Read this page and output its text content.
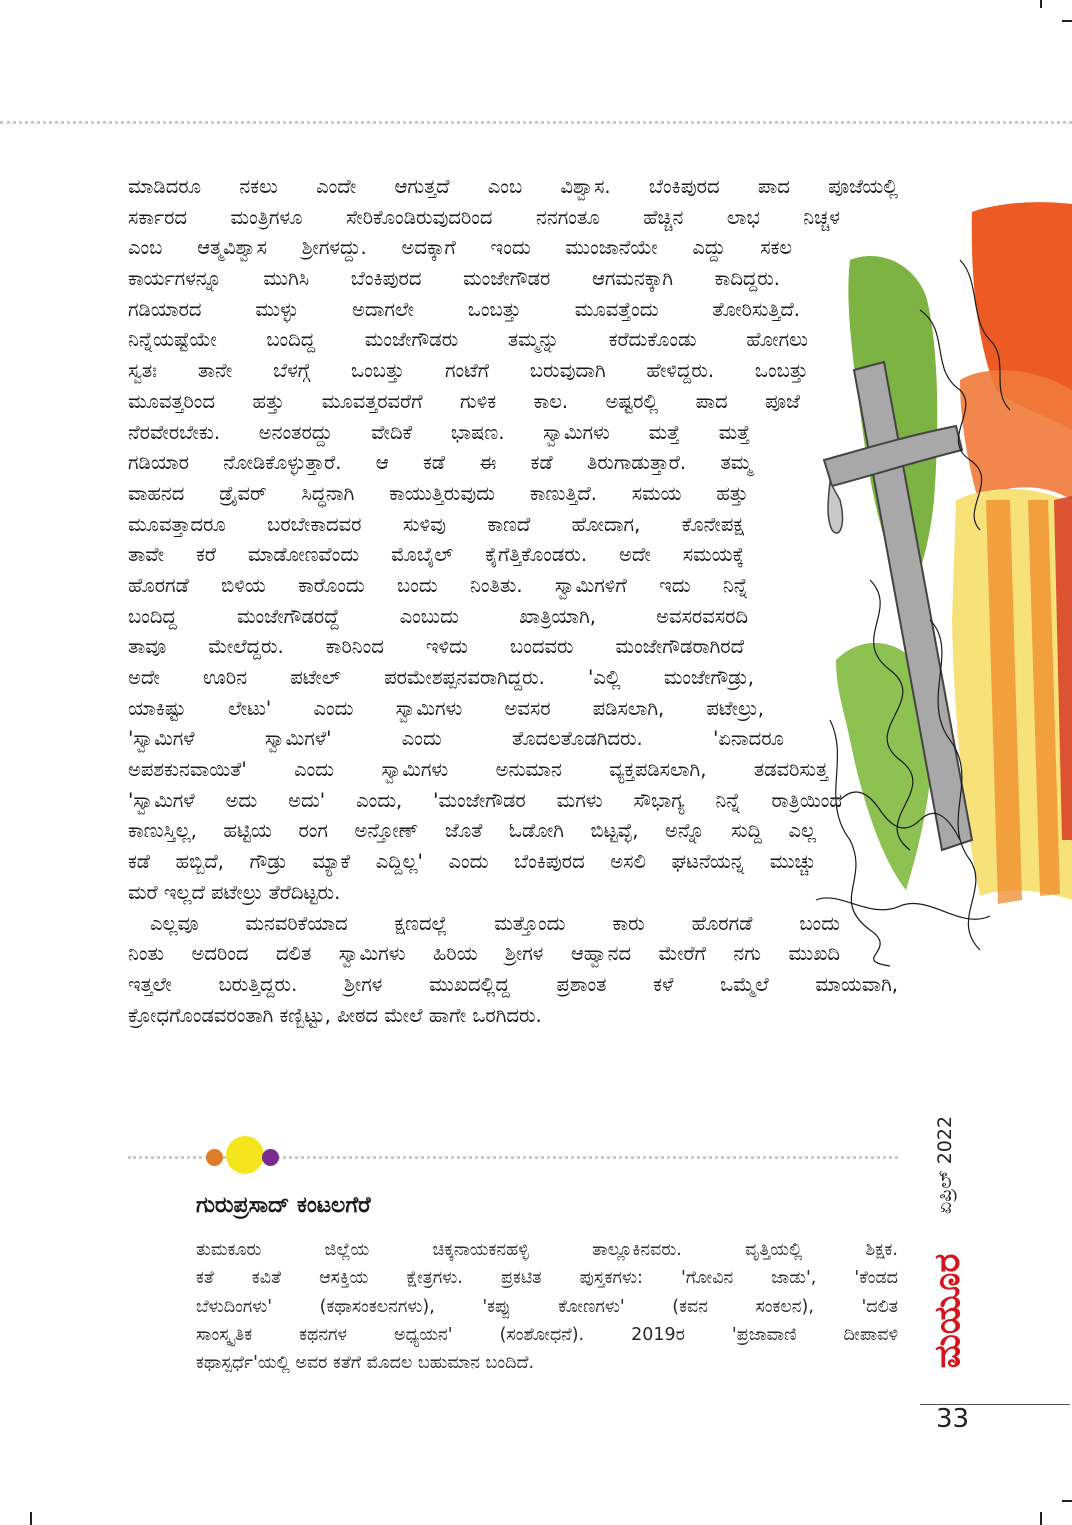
ಮಾಡಿದರೂ ನಕಲು ಎಂದೇ ಆಗುತ್ತದೆ ಎಂಬ ವಿಶ್ವಾಸ. ಬೆಂಕಿಪುರದ ಪಾದ ಪೂಜೆಯಲ್ಲಿ
ಸರ್ಕಾರದ ಮಂತ್ರಿಗಳೂ ಸೇರಿಕೊಂಡಿರುವುದರಿಂದ ನನಗಂತೂ ಹೆಚ್ಚಿನ ಲಾಭ ನಿಚ್ಚಳ
ಎಂಬ ಆತ್ಮವಿಶ್ವಾಸ ಶ್ರೀಗಳದ್ದು. ಅದಕ್ಕಾಗೆ ಇಂದು ಮುಂಜಾನೆಯೇ ಎದ್ದು ಸಕಲ
ಕಾರ್ಯಗಳನ್ನೂ ಮುಗಿಸಿ ಬೆಂಕಿಪುರದ ಮಂಜೇಗೌಡರ ಆಗಮನಕ್ಕಾಗಿ ಕಾದಿದ್ದರು.
ಗಡಿಯಾರದ ಮುಳ್ಳು ಅದಾಗಲೇ ಒಂಬತ್ತು ಮೂವತ್ತೆಂದು ತೋರಿಸುತ್ತಿದೆ.
ನಿನ್ನೆಯಷ್ಟೆಯೇ ಬಂದಿದ್ದ ಮಂಜೇಗೌಡರು ತಮ್ಮನ್ನು ಕರೆದುಕೊಂಡು ಹೋಗಲು
ಸ್ವತಃ ತಾನೇ ಬೆಳಗ್ಗೆ ಒಂಬತ್ತು ಗಂಟೆಗೆ ಬರುವುದಾಗಿ ಹೇಳಿದ್ದರು. ಒಂಬತ್ತು
ಮೂವತ್ತರಿಂದ ಹತ್ತು ಮೂವತ್ತರವರೆಗೆ ಗುಳಿಕ ಕಾಲ. ಅಷ್ಟರಲ್ಲಿ ಪಾದ ಪೂಜೆ
ನೆರವೇರಬೇಕು. ಅನಂತರದ್ದು ವೇದಿಕೆ ಭಾಷಣ. ಸ್ವಾಮಿಗಳು ಮತ್ತೆ ಮತ್ತೆ
ಗಡಿಯಾರ ನೋಡಿಕೊಳ್ಳುತ್ತಾರೆ. ಆ ಕಡೆ ಈ ಕಡೆ ತಿರುಗಾಡುತ್ತಾರೆ. ತಮ್ಮ
ವಾಹನದ ಡ್ರೈವರ್ ಸಿದ್ಧನಾಗಿ ಕಾಯುತ್ತಿರುವುದು ಕಾಣುತ್ತಿದೆ. ಸಮಯ ಹತ್ತು
ಮೂವತ್ತಾದರೂ ಬರಬೇಕಾದವರ ಸುಳಿವು ಕಾಣದೆ ಹೋದಾಗ, ಕೊನೇಪಕ್ಷ
ತಾವೇ ಕರೆ ಮಾಡೋಣವೆಂದು ಮೊಬೈಲ್ ಕೈಗೆತ್ತಿಕೊಂಡರು. ಅದೇ ಸಮಯಕ್ಕೆ
ಹೊರಗಡೆ ಬಿಳಿಯ ಕಾರೊಂದು ಬಂದು ನಿಂತಿತು. ಸ್ವಾಮಿಗಳಿಗೆ ಇದು ನಿನ್ನೆ
ಬಂದಿದ್ದ ಮಂಜೇಗೌಡರದ್ದೆ ಎಂಬುದು ಖಾತ್ರಿಯಾಗಿ, ಅವಸರವಸರದಿ
ತಾವೂ ಮೇಲೆದ್ದರು. ಕಾರಿನಿಂದ ಇಳಿದು ಬಂದವರು ಮಂಜೇಗೌಡರಾಗಿರದೆ
ಅದೇ ಊರಿನ ಪಟೇಲ್ ಪರಮೇಶಪ್ಪನವರಾಗಿದ್ದರು. 'ಎಲ್ಲಿ ಮಂಜೇಗೌಡ್ರು,
ಯಾಕಿಷ್ಟು ಲೇಟು' ಎಂದು ಸ್ವಾಮಿಗಳು ಅವಸರ ಪಡಿಸಲಾಗಿ, ಪಟೇಲ್ರು,
'ಸ್ವಾಮಿಗಳೆ ಸ್ವಾಮಿಗಳೆ' ಎಂದು ತೊದಲತೊಡಗಿದರು. 'ಏನಾದರೂ
ಅಪಶಕುನವಾಯಿತೆ' ಎಂದು ಸ್ವಾಮಿಗಳು ಅನುಮಾನ ವ್ಯಕ್ತಪಡಿಸಲಾಗಿ, ತಡವರಿಸುತ್ತ
'ಸ್ವಾಮಿಗಳೆ ಅದು ಅದು' ಎಂದು, 'ಮಂಜೇಗೌಡರ ಮಗಳು ಸೌಭಾಗ್ಯ ನಿನ್ನೆ ರಾತ್ರಿಯಿಂದ
ಕಾಣುಸ್ತಿಲ್ಲ, ಹಟ್ಟಿಯ ರಂಗ ಅನ್ತೋಣ್ ಜೊತೆ ಓಡೋಗಿ ಬಿಟ್ಟವ್ಳೆ, ಅನ್ನೊ ಸುದ್ದಿ ಎಲ್ಲ
ಕಡೆ ಹಬ್ಬಿದೆ, ಗೌಡ್ರು ಮ್ಯಾಕೆ ಎದ್ದಿಲ್ಲ' ಎಂದು ಬೆಂಕಿಪುರದ ಅಸಲಿ ಘಟನೆಯನ್ನ ಮುಚ್ಚು
ಮರೆ ಇಲ್ಲದೆ ಪಟೇಲ್ರು ತೆರೆದಿಟ್ಟರು.
ಎಲ್ಲವೂ ಮನವರಿಕೆಯಾದ ಕ್ಷಣದಲ್ಲೆ ಮತ್ತೊಂದು ಕಾರು ಹೊರಗಡೆ ಬಂದು
ನಿಂತು ಅದರಿಂದ ದಲಿತ ಸ್ವಾಮಿಗಳು ಹಿರಿಯ ಶ್ರೀಗಳ ಆಹ್ವಾನದ ಮೇರೆಗೆ ನಗು ಮುಖದಿ
ಇತ್ತಲೇ ಬರುತ್ತಿದ್ದರು. ಶ್ರೀಗಳ ಮುಖದಲ್ಲಿದ್ದ ಪ್ರಶಾಂತ ಕಳೆ ಒಮ್ಮೆಲೆ ಮಾಯವಾಗಿ,
ಕ್ರೋಧಗೊಂಡವರಂತಾಗಿ ಕಣ್ಬಿಟ್ಟು, ಪೀಠದ ಮೇಲೆ ಹಾಗೇ ಒರಗಿದರು.
ಗುರುಪ್ರಸಾದ್ ಕಂಟಲಗೆರೆ
ತುಮಕೂರು ಜಿಲ್ಲೆಯ ಚಿಕ್ಕನಾಯಕನಹಳ್ಳಿ ತಾಲ್ಲೂಕಿನವರು. ವೃತ್ತಿಯಲ್ಲಿ ಶಿಕ್ಷಕ.
ಕತೆ ಕವಿತೆ ಆಸಕ್ತಿಯ ಕ್ಷೇತ್ರಗಳು. ಪ್ರಕಟಿತ ಪುಸ್ತಕಗಳು: 'ಗೋವಿನ ಜಾಡು', 'ಕೆಂಡದ
ಬೆಳುದಿಂಗಳು' (ಕಥಾಸಂಕಲನಗಳು), 'ಕಪ್ಪು ಕೋಣಗಳು' (ಕವನ ಸಂಕಲನ), 'ದಲಿತ
ಸಾಂಸ್ಕೃತಿಕ ಕಥನಗಳ ಅಧ್ಯಯನ' (ಸಂಶೋಧನೆ). 2019ರ 'ಪ್ರಜಾವಾಣಿ ದೀಪಾವಳಿ
ಕಥಾಸ್ಪರ್ಧೆ'ಯಲ್ಲಿ ಅವರ ಕತೆಗೆ ಮೊದಲ ಬಹುಮಾನ ಬಂದಿದೆ.
ಏಪ್ರಿಲ್ 2022
ಮಯೂರ
33
